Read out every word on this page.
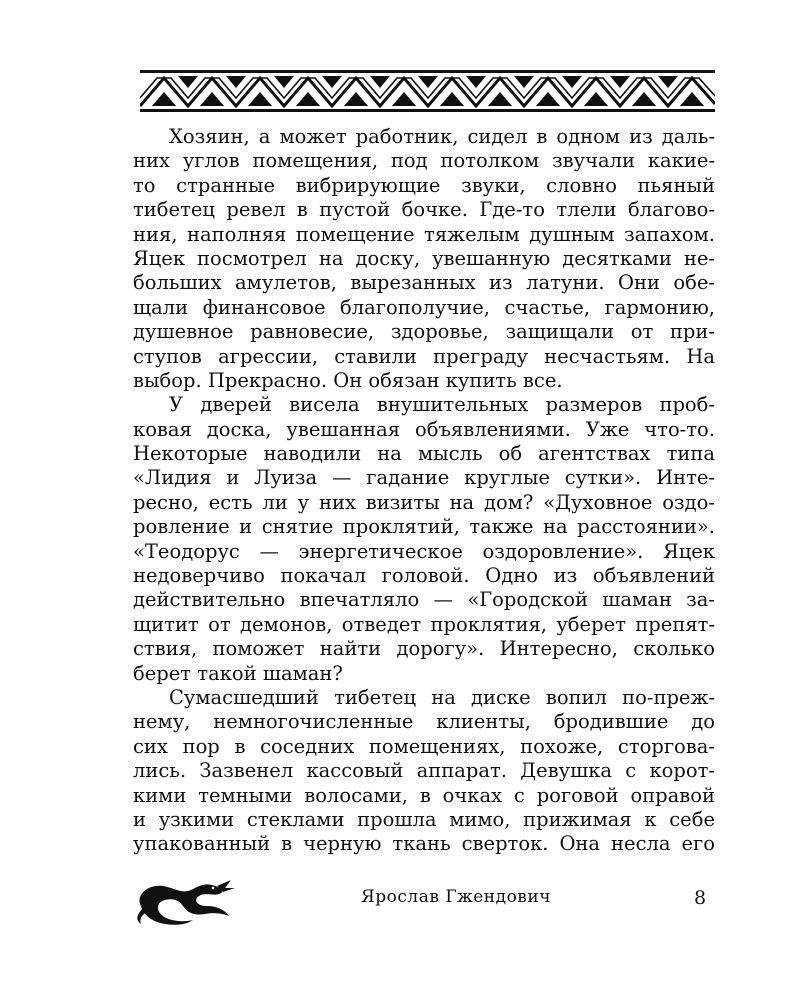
Хозяин, а может работник, сидел в одном из даль-
них углов помещения, под потолком звучали какие-
то странные вибрирующие звуки, словно пьяный
тибетец ревел в пустой бочке. Где-то тлели благово-
ния, наполняя помещение тяжелым душным запахом.
Яцек посмотрел на доску, увешанную десятками не-
больших амулетов, вырезанных из латуни. Они обе-
щали финансовое благополучие, счастье, гармонию,
душевное равновесие, здоровье, защищали от при-
ступов агрессии, ставили преграду несчастьям. На
выбор. Прекрасно. Он обязан купить все.

У дверей висела внушительных размеров проб-
ковая доска, увешанная объявлениями. Уже что-то.
Некоторые наводили на мысль об агентствах типа
«Лидия и Луиза — гадание круглые сутки». Инте-
ресно, есть ли у них визиты на дом? «Духовное оздо-
ровление и снятие проклятий, также на расстоянии».
«Теодорус — энергетическое оздоровление». Яцек
недоверчиво покачал головой. Одно из объявлений
действительно впечатляло — «Городской шаман за-
щитит от демонов, отведет проклятия, уберет препят-
ствия, поможет найти дорогу». Интересно, сколько
берет такой шаман?

Сумасшедший тибетец на диске вопил по-преж-
нему, немногочисленные клиенты, бродившие до
сих пор в соседних помещениях, похоже, сторгова-
лись. Зазвенел кассовый аппарат. Девушка с корот-
кими темными волосами, в очках с роговой оправой
и узкими стеклами прошла мимо, прижимая к себе
упакованный в черную ткань сверток. Она несла его

Ярослав Гжендович	8
